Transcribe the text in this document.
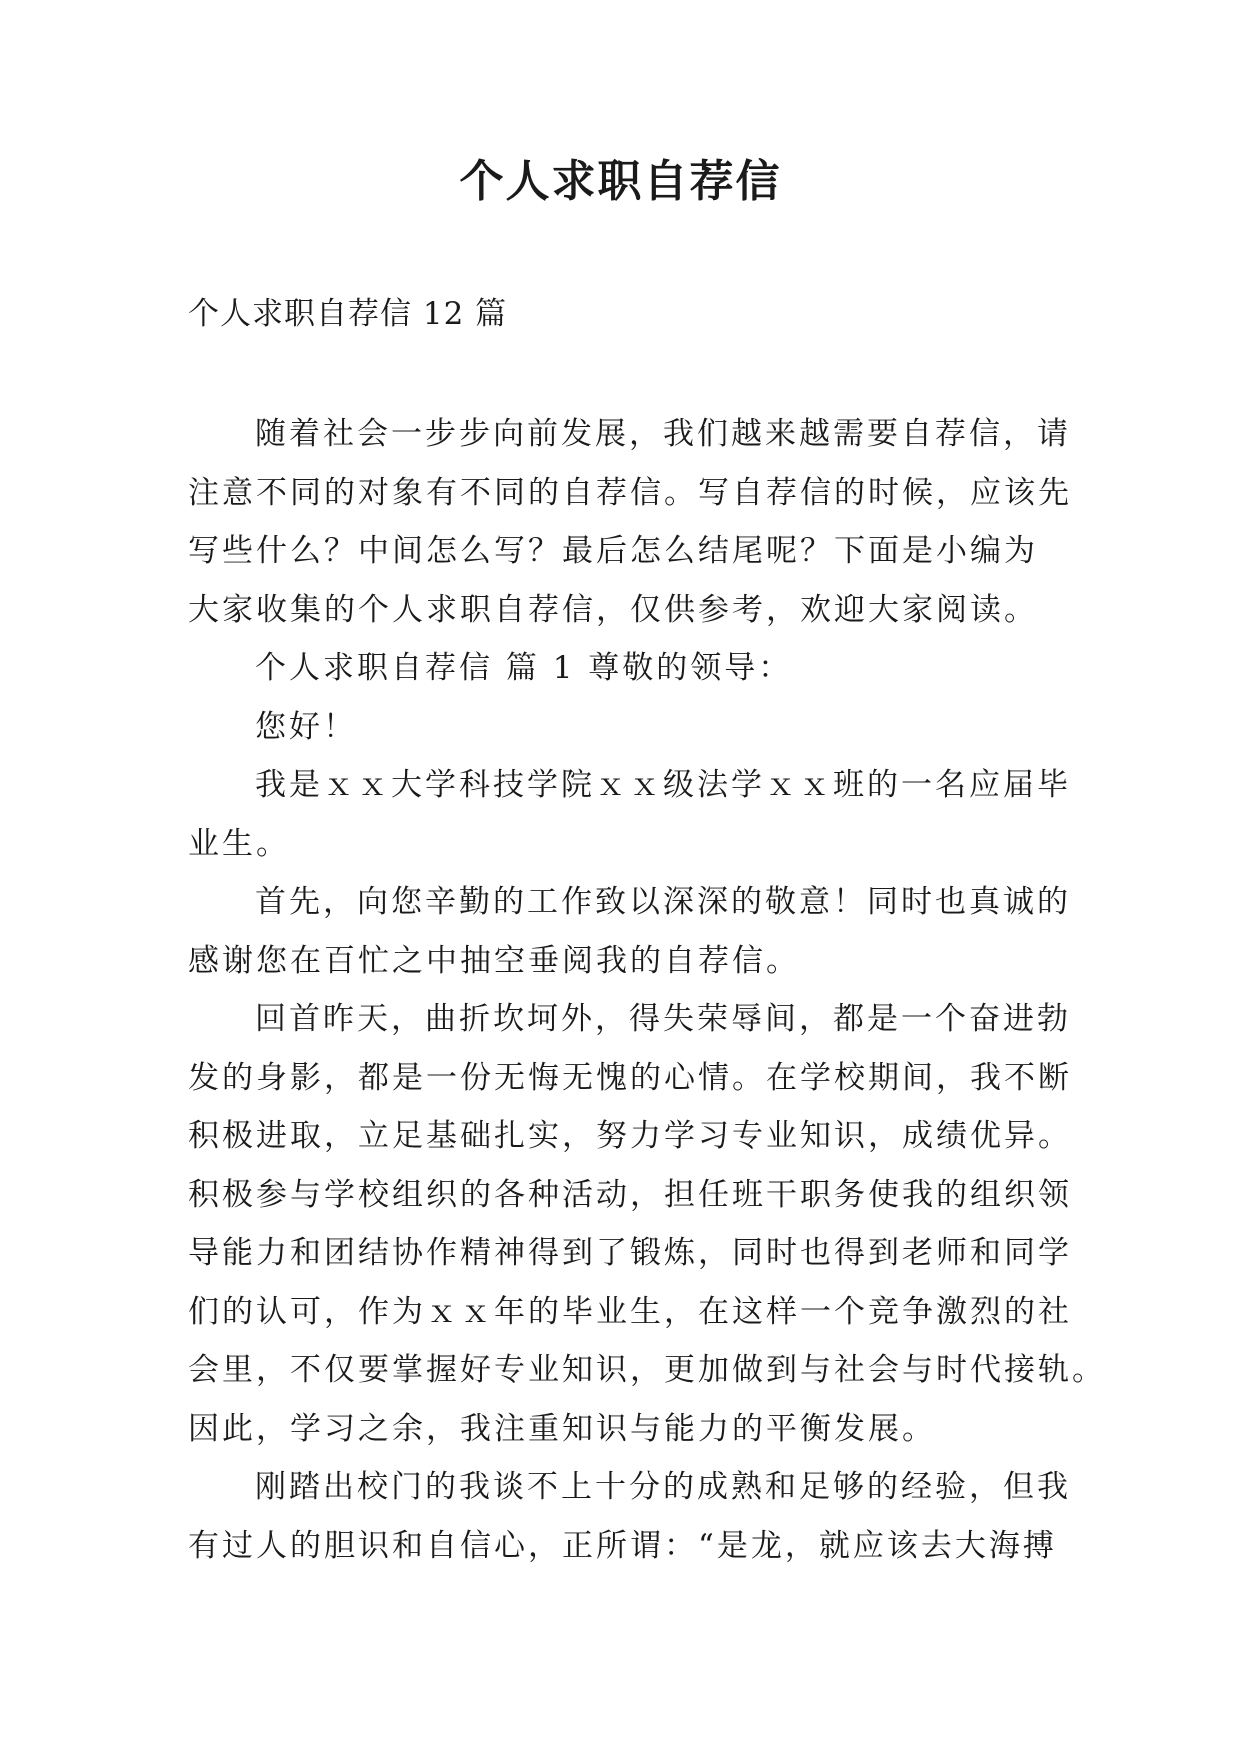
个人求职自荐信
个人求职自荐信 12 篇
随着社会一步步向前发展，我们越来越需要自荐信，请
注意不同的对象有不同的自荐信。写自荐信的时候，应该先
写些什么？中间怎么写？最后怎么结尾呢？下面是小编为
大家收集的个人求职自荐信，仅供参考，欢迎大家阅读。
个人求职自荐信 篇 1 尊敬的领导：
您好！
我是ｘｘ大学科技学院ｘｘ级法学ｘｘ班的一名应届毕
业生。
首先，向您辛勤的工作致以深深的敬意！同时也真诚的
感谢您在百忙之中抽空垂阅我的自荐信。
回首昨天，曲折坎坷外，得失荣辱间，都是一个奋进勃
发的身影，都是一份无悔无愧的心情。在学校期间，我不断
积极进取，立足基础扎实，努力学习专业知识，成绩优异。
积极参与学校组织的各种活动，担任班干职务使我的组织领
导能力和团结协作精神得到了锻炼，同时也得到老师和同学
们的认可，作为ｘｘ年的毕业生，在这样一个竞争激烈的社
会里，不仅要掌握好专业知识，更加做到与社会与时代接轨。
因此，学习之余，我注重知识与能力的平衡发展。
刚踏出校门的我谈不上十分的成熟和足够的经验，但我
有过人的胆识和自信心，正所谓：“是龙，就应该去大海搏
